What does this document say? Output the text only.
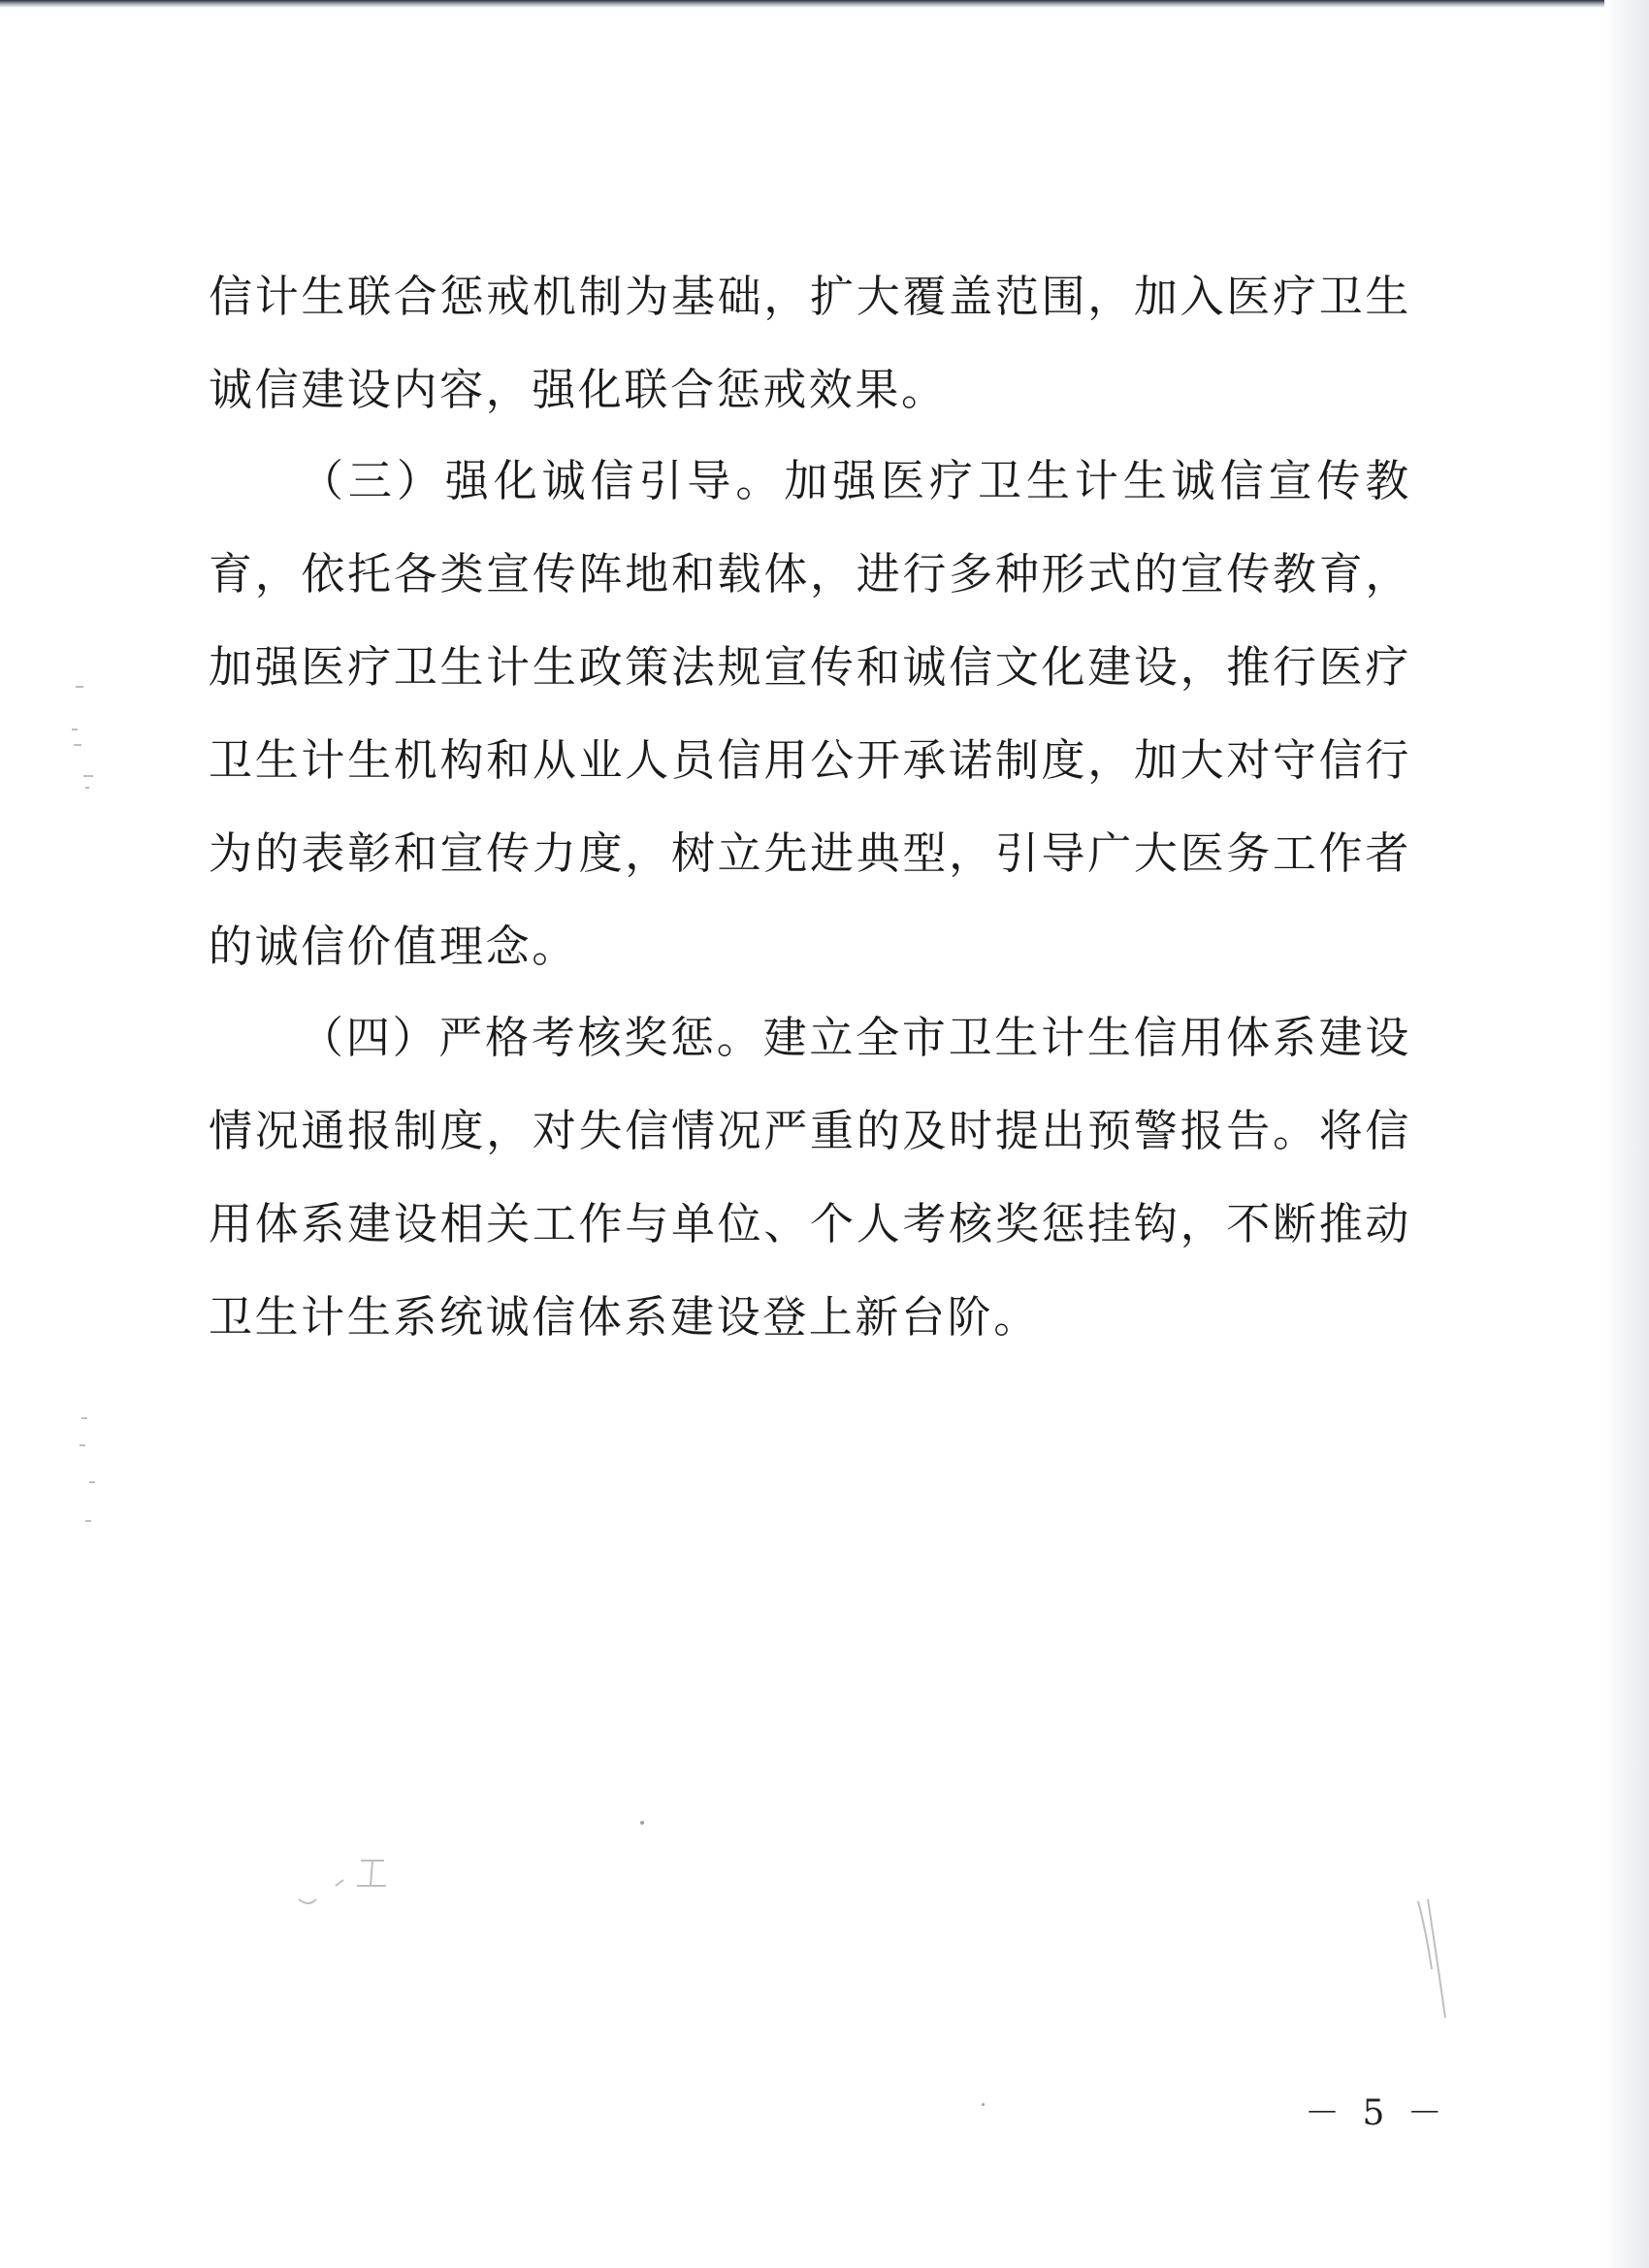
信计生联合惩戒机制为基础，扩大覆盖范围，加入医疗卫生诚信建设内容，强化联合惩戒效果。

（三）强化诚信引导。加强医疗卫生计生诚信宣传教育，依托各类宣传阵地和载体，进行多种形式的宣传教育，加强医疗卫生计生政策法规宣传和诚信文化建设，推行医疗卫生计生机构和从业人员信用公开承诺制度，加大对守信行为的表彰和宣传力度，树立先进典型，引导广大医务工作者的诚信价值理念。

（四）严格考核奖惩。建立全市卫生计生信用体系建设情况通报制度，对失信情况严重的及时提出预警报告。将信用体系建设相关工作与单位、个人考核奖惩挂钩，不断推动卫生计生系统诚信体系建设登上新台阶。

－ 5 －
